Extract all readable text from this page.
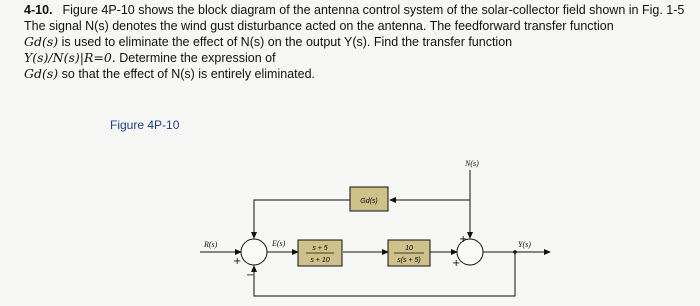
4-10. Figure 4P-10 shows the block diagram of the antenna control system of the solar-collector field shown in Fig. 1-5
The signal N(s) denotes the wind gust disturbance acted on the antenna. The feedforward transfer function
Gd(s) is used to eliminate the effect of N(s) on the output Y(s). Find the transfer function
Y(s)/N(s)|R=0. Determine the expression of
Gd(s) so that the effect of N(s) is entirely eliminated.
Figure 4P-10
Gd(s)
s + 5
s + 10
10
s(s + 5)
R(s)	E(s)
N(s)
Y(s)
+
−
+
+
